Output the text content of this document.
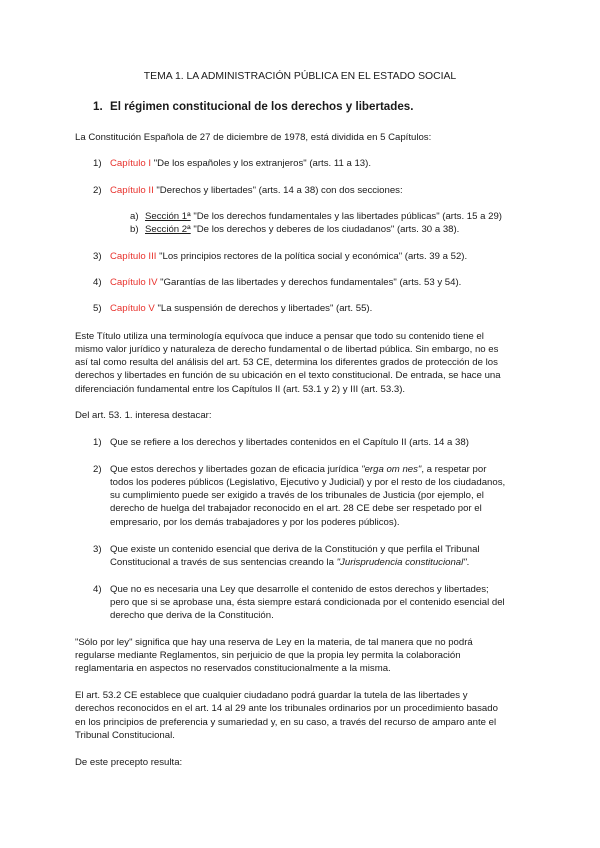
TEMA 1. LA ADMINISTRACIÓN PÚBLICA EN EL ESTADO SOCIAL
1. El régimen constitucional de los derechos y libertades.
La Constitución Española de 27 de diciembre de 1978, está dividida en 5 Capítulos:
1) Capítulo I "De los españoles y los extranjeros" (arts. 11 a 13).
2) Capítulo II "Derechos y libertades" (arts. 14 a 38) con dos secciones:
a) Sección 1ª "De los derechos fundamentales y las libertades públicas" (arts. 15 a 29)
b) Sección 2ª "De los derechos y deberes de los ciudadanos" (arts. 30 a 38).
3) Capítulo III "Los principios rectores de la política social y económica" (arts. 39 a 52).
4) Capítulo IV "Garantías de las libertades y derechos fundamentales" (arts. 53 y 54).
5) Capítulo V "La suspensión de derechos y libertades" (art. 55).
Este Título utiliza una terminología equívoca que induce a pensar que todo su contenido tiene el
mismo valor jurídico y naturaleza de derecho fundamental o de libertad pública. Sin embargo, no es
así tal como resulta del análisis del art. 53 CE, determina los diferentes grados de protección de los
derechos y libertades en función de su ubicación en el texto constitucional. De entrada, se hace una
diferenciación fundamental entre los Capítulos II (art. 53.1 y 2) y III (art. 53.3).
Del art. 53. 1. interesa destacar:
1) Que se refiere a los derechos y libertades contenidos en el Capítulo II (arts. 14 a 38)
2) Que estos derechos y libertades gozan de eficacia jurídica "erga om nes", a respetar por
todos los poderes públicos (Legislativo, Ejecutivo y Judicial) y por el resto de los ciudadanos,
su cumplimiento puede ser exigido a través de los tribunales de Justicia (por ejemplo, el
derecho de huelga del trabajador reconocido en el art. 28 CE debe ser respetado por el
empresario, por los demás trabajadores y por los poderes públicos).
3) Que existe un contenido esencial que deriva de la Constitución y que perfila el Tribunal
Constitucional a través de sus sentencias creando la "Jurisprudencia constitucional".
4) Que no es necesaria una Ley que desarrolle el contenido de estos derechos y libertades;
pero que si se aprobase una, ésta siempre estará condicionada por el contenido esencial del
derecho que deriva de la Constitución.
"Sólo por ley" significa que hay una reserva de Ley en la materia, de tal manera que no podrá
regularse mediante Reglamentos, sin perjuicio de que la propia ley permita la colaboración
reglamentaria en aspectos no reservados constitucionalmente a la misma.
El art. 53.2 CE establece que cualquier ciudadano podrá guardar la tutela de las libertades y
derechos reconocidos en el art. 14 al 29 ante los tribunales ordinarios por un procedimiento basado
en los principios de preferencia y sumariedad y, en su caso, a través del recurso de amparo ante el
Tribunal Constitucional.
De este precepto resulta:
